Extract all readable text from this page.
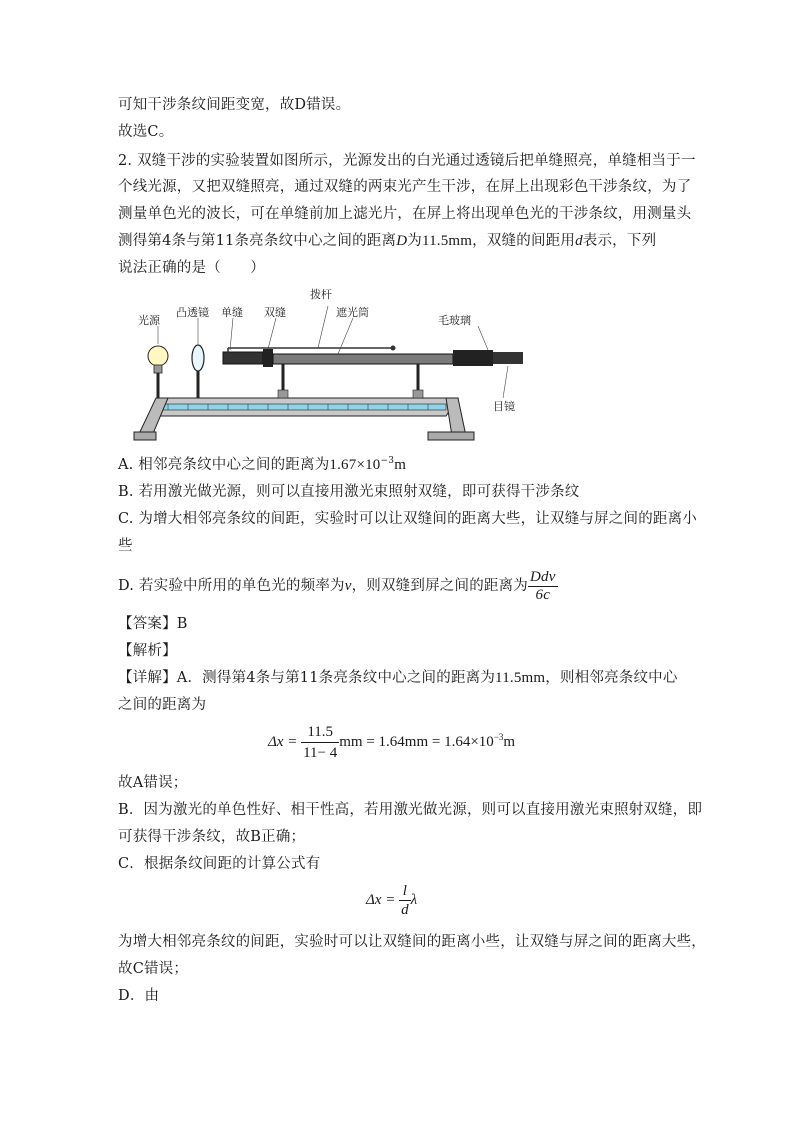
可知干涉条纹间距变宽，故D错误。
故选C。
2. 双缝干涉的实验装置如图所示，光源发出的白光通过透镜后把单缝照亮，单缝相当于一
个线光源，又把双缝照亮，通过双缝的两束光产生干涉，在屏上出现彩色干涉条纹，为了
测量单色光的波长，可在单缝前加上滤光片，在屏上将出现单色光的干涉条纹，用测量头
测得第4条与第11条亮条纹中心之间的距离D为11.5mm，双缝的间距用d表示，下列
说法正确的是（　　）
光源
凸透镜 单缝 双缝
拨杆
遮光筒
毛玻璃
目镜
A. 相邻亮条纹中心之间的距离为$1.67\times 10^{-3}m$
B. 若用激光做光源，则可以直接用激光束照射双缝，即可获得干涉条纹
C. 为增大相邻亮条纹的间距，实验时可以让双缝间的距离大些，让双缝与屏之间的距离小
些
D. 若实验中所用的单色光的频率为ν，则双缝到屏之间的距离为 $\frac{\text{Ddν}}{6c}$
【答案】B
【解析】
【详解】A．测得第4条与第11条亮条纹中心之间的距离为11.5mm，则相邻亮条纹中心
之间的距离为
$\Delta x = \frac{11.5}{11- 4}$ mm = $1.64mm = 1.64\times 10^{-3}m$
故A错误；
B．因为激光的单色性好、相干性高，若用激光做光源，则可以直接用激光束照射双缝，即
可获得干涉条纹，故B正确；
C．根据条纹间距的计算公式有
$\Delta x = \frac{l}{d}$ λ
为增大相邻亮条纹的间距，实验时可以让双缝间的距离小些，让双缝与屏之间的距离大些，
故C错误；
D．由
